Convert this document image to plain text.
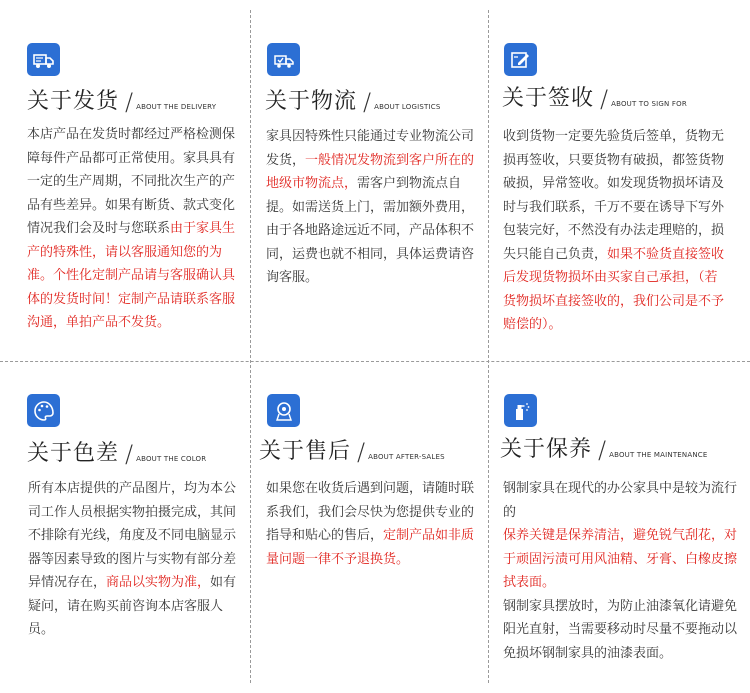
关于发货 / ABOUT THE DELIVERY
本店产品在发货时都经过严格检测保障每件产品都可正常使用。家具具有一定的生产周期，不同批次生产的产品有些差异。如果有断货、款式变化情况我们会及时与您联系由于家具生产的特殊性，请以客服通知您的为准。个性化定制产品请与客服确认具体的发货时间！定制产品请联系客服沟通，单拍产品不发货。
关于物流 / ABOUT LOGISTICS
家具因特殊性只能通过专业物流公司发货，一般情况发物流到客户所在的地级市物流点，需客户到物流点自提。如需送货上门，需加额外费用，由于各地路途远近不同，产品体积不同，运费也就不相同，具体运费请咨询客服。
关于签收 / ABOUT TO SIGN FOR
收到货物一定要先验货后签单，货物无损再签收，只要货物有破损，都签货物破损，异常签收。如发现货物损坏请及时与我们联系，千万不要在诱导下写外包装完好，不然没有办法走理赔的，损失只能自己负责，如果不验货直接签收后发现货物损坏由买家自己承担，（若货物损坏直接签收的，我们公司是不予赔偿的）。
关于色差 / ABOUT THE COLOR
所有本店提供的产品图片，均为本公司工作人员根据实物拍摄完成，其间不排除有光线，角度及不同电脑显示器等因素导致的图片与实物有部分差异情况存在，商品以实物为准，如有疑问，请在购买前咨询本店客服人员。
关于售后 / ABOUT AFTER-SALES
如果您在收货后遇到问题，请随时联系我们，我们会尽快为您提供专业的指导和贴心的售后，定制产品如非质量问题一律不予退换货。
关于保养 / ABOUT THE MAINTENANCE

钢制家具在现代的办公家具中是较为流行的

保养关键是保养清洁，避免锐气刮花，对于顽固污渍可用风油精、牙膏、白橡皮擦拭表面。

钢制家具摆放时，为防止油漆氧化请避免阳光直射，当需要移动时尽量不要拖动以免损坏钢制家具的油漆表面。
